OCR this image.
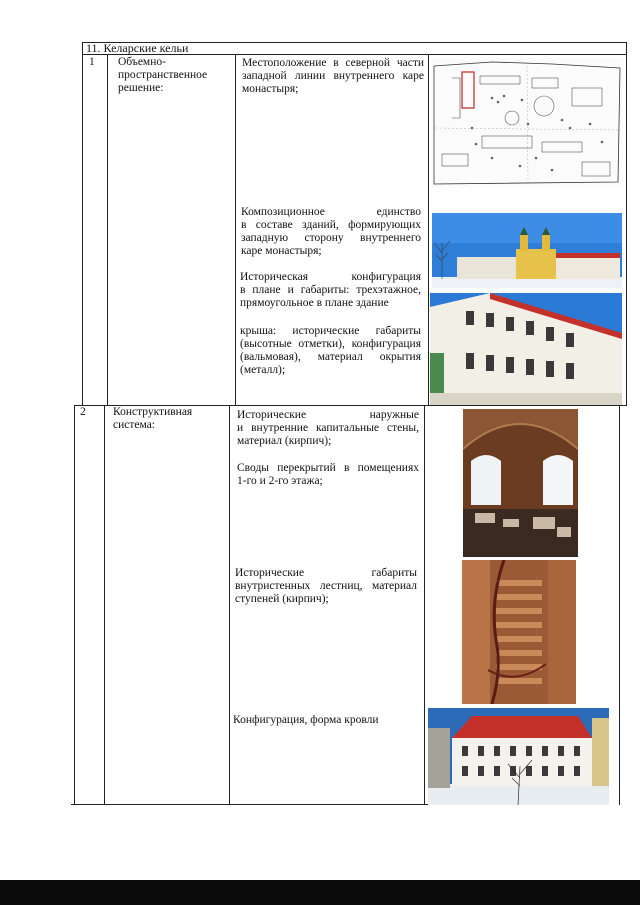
11. Келарские кельи
1 Объемно-
пространственное
решение:
Местоположение в северной части
западной линии внутреннего каре
монастыря;
Композиционное единство
в составе зданий, формирующих
западную сторону внутреннего
каре монастыря;
Историческая конфигурация
в плане и габариты: трехэтажное,
прямоугольное в плане здание
крыша: исторические габариты
(высотные отметки), конфигурация
(вальмовая), материал окрытия
(металл);
2 Конструктивная
система:
Исторические наружные
и внутренние капитальные стены,
материал (кирпич);
Своды перекрытий в помещениях
1-го и 2-го этажа;
Исторические габариты
внутристенных лестниц, материал
ступеней (кирпич);
Конфигурация, форма кровли
